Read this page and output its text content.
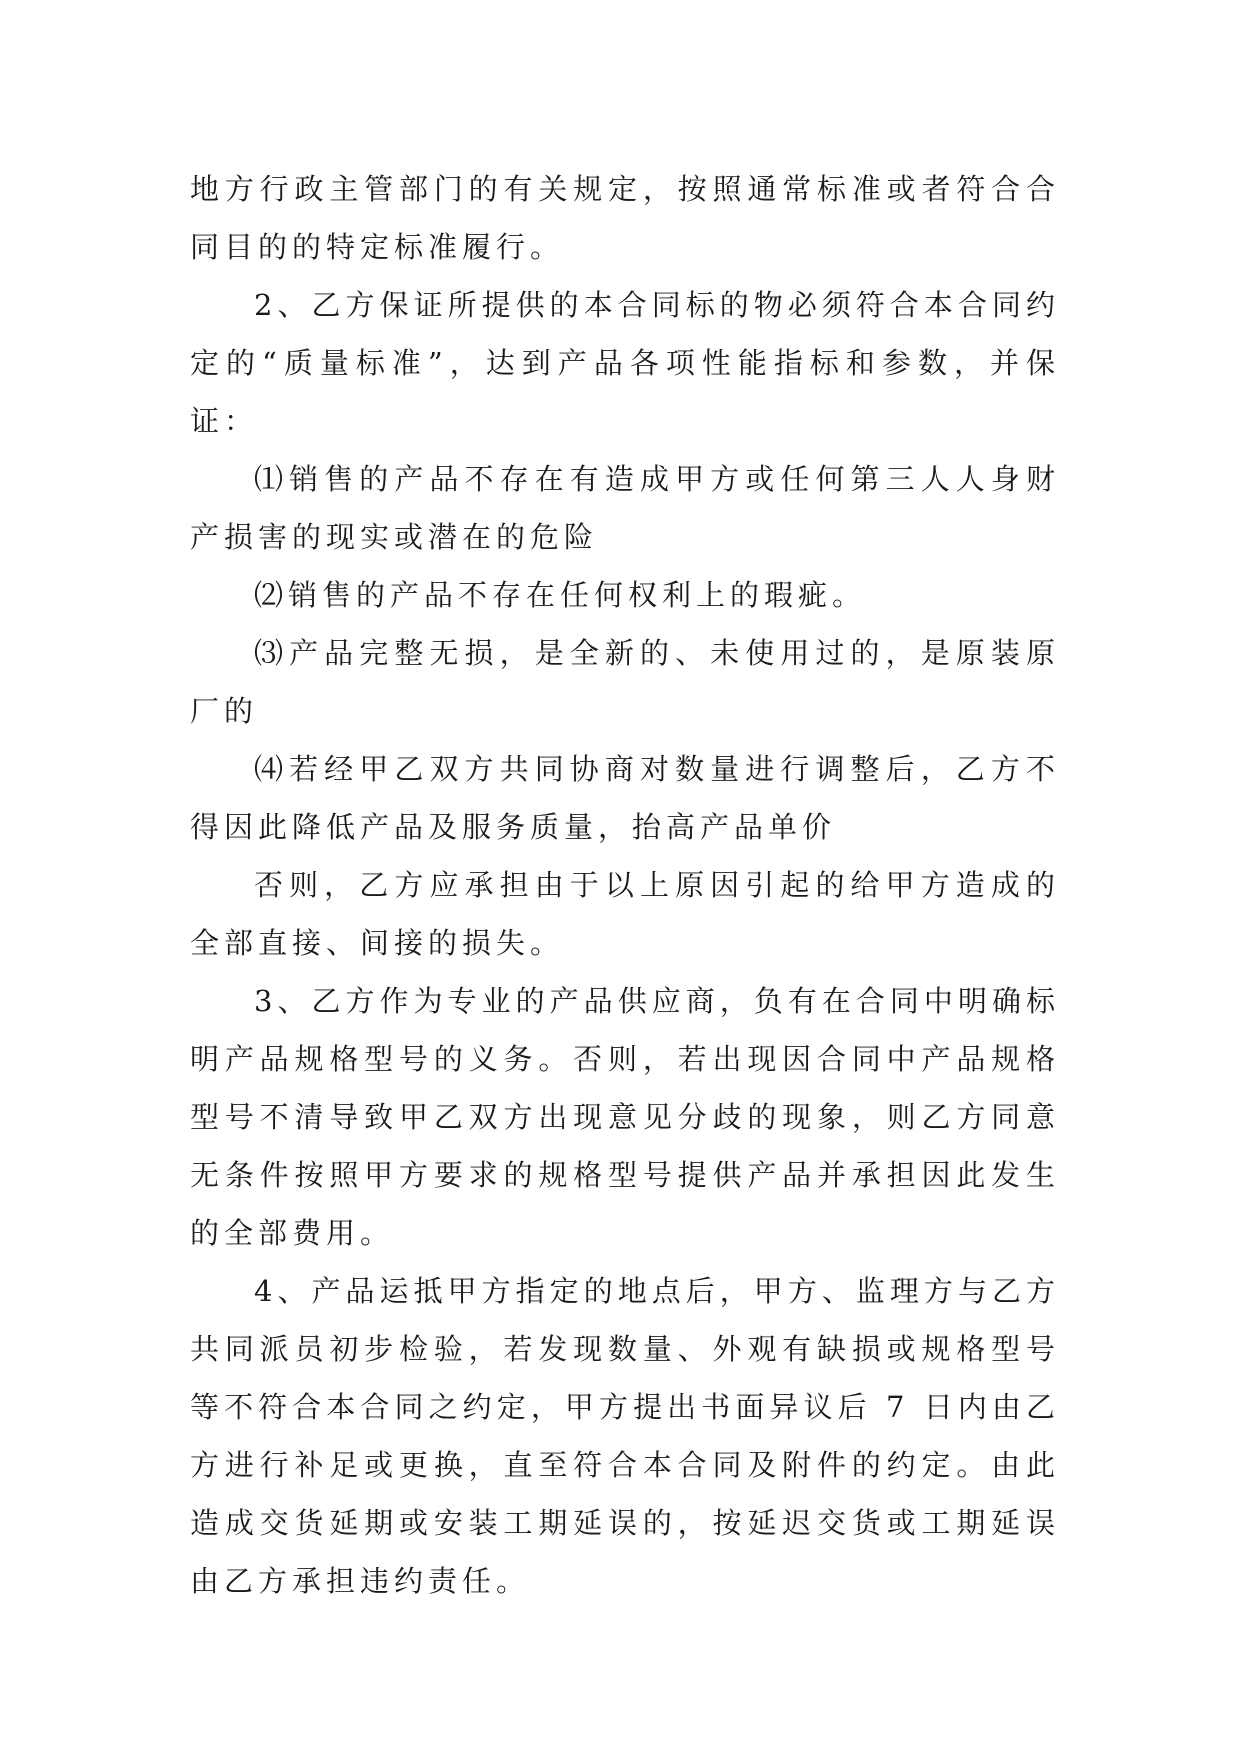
地方行政主管部门的有关规定，按照通常标准或者符合合同目的的特定标准履行。

2、乙方保证所提供的本合同标的物必须符合本合同约定的“质量标准”，达到产品各项性能指标和参数，并保证：

⑴销售的产品不存在有造成甲方或任何第三人人身财产损害的现实或潜在的危险

⑵销售的产品不存在任何权利上的瑕疵。

⑶产品完整无损，是全新的、未使用过的，是原装原厂的

⑷若经甲乙双方共同协商对数量进行调整后，乙方不得因此降低产品及服务质量，抬高产品单价

否则，乙方应承担由于以上原因引起的给甲方造成的全部直接、间接的损失。

3、乙方作为专业的产品供应商，负有在合同中明确标明产品规格型号的义务。否则，若出现因合同中产品规格型号不清导致甲乙双方出现意见分歧的现象，则乙方同意无条件按照甲方要求的规格型号提供产品并承担因此发生的全部费用。

4、产品运抵甲方指定的地点后，甲方、监理方与乙方共同派员初步检验，若发现数量、外观有缺损或规格型号等不符合本合同之约定，甲方提出书面异议后 7 日内由乙方进行补足或更换，直至符合本合同及附件的约定。由此造成交货延期或安装工期延误的，按延迟交货或工期延误由乙方承担违约责任。
